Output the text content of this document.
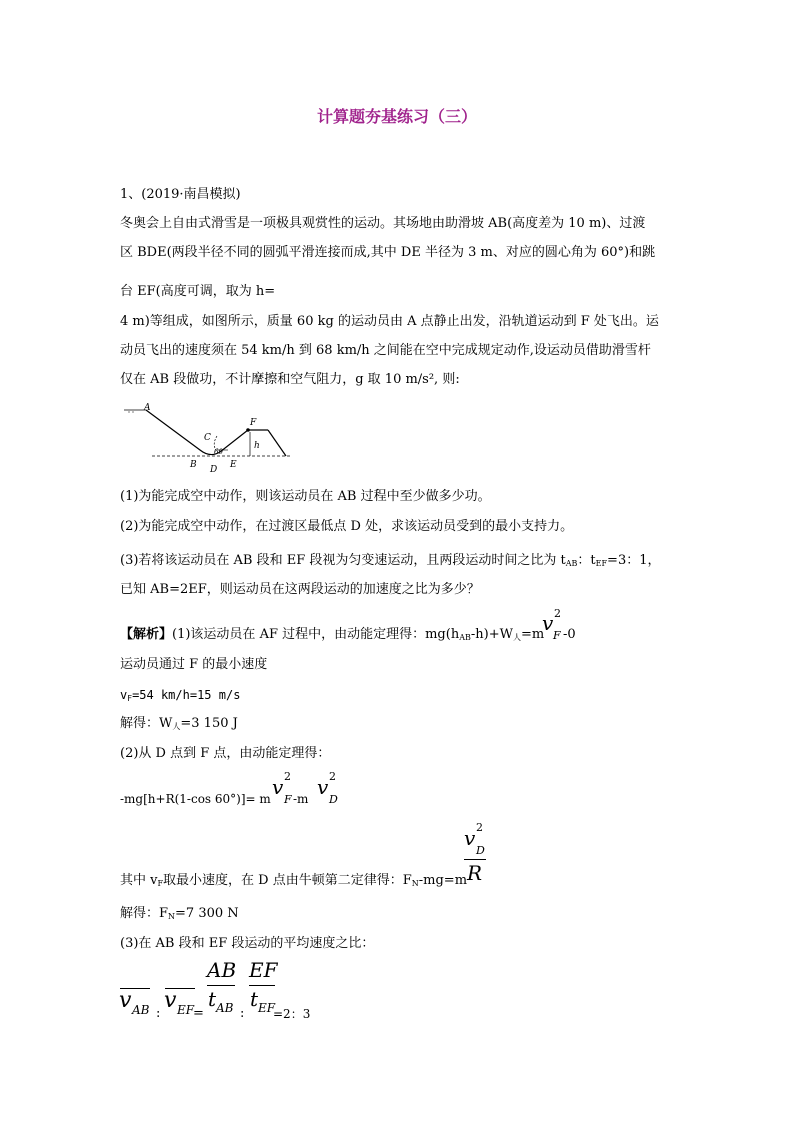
计算题夯基练习（三）
1、(2019·南昌模拟)
冬奥会上自由式滑雪是一项极具观赏性的运动。其场地由助滑坡 AB(高度差为 10 m)、过渡
区 BDE(两段半径不同的圆弧平滑连接而成,其中 DE 半径为 3 m、对应的圆心角为 60°)和跳
台 EF(高度可调，取为 h=
4 m)等组成，如图所示，质量 60 kg 的运动员由 A 点静止出发，沿轨道运动到 F 处飞出。运
动员飞出的速度须在 54 km/h 到 68 km/h 之间能在空中完成规定动作,设运动员借助滑雪杆
仅在 AB 段做功，不计摩擦和空气阻力，g 取 10 m/s², 则:
A
C
60
F
h
B D E
(1)为能完成空中动作，则该运动员在 AB 过程中至少做多少功。
(2)为能完成空中动作，在过渡区最低点 D 处，求该运动员受到的最小支持力。
(3)若将该运动员在 AB 段和 EF 段视为匀变速运动，且两段运动时间之比为 $t_{AB}$：$t_{EF}=3$：1，
已知 AB=2EF，则运动员在这两段运动的加速度之比为多少？
【解析】(1)该运动员在 AF 过程中，由动能定理得：$mg(h_{AB}-h)+W_人=m$
v 2
F -0
运动员通过 F 的最小速度
$v_F=54$ km/h=15 m/s
解得：$W_人=3$ 150 J
(2)从 D 点到 F 点，由动能定理得：
-mg[h+R(1-cos 60°)]= m v 2
F -m v 2
D
v 2
D
R
其中 $v_F$取最小速度，在 D 点由牛顿第二定律得：$F_N-mg=m$
解得：$F_N=7$ 300 N
(3)在 AB 段和 EF 段运动的平均速度之比：
v AB :
v EF
=
AB
t AB :
EF
t EF
=2：3
